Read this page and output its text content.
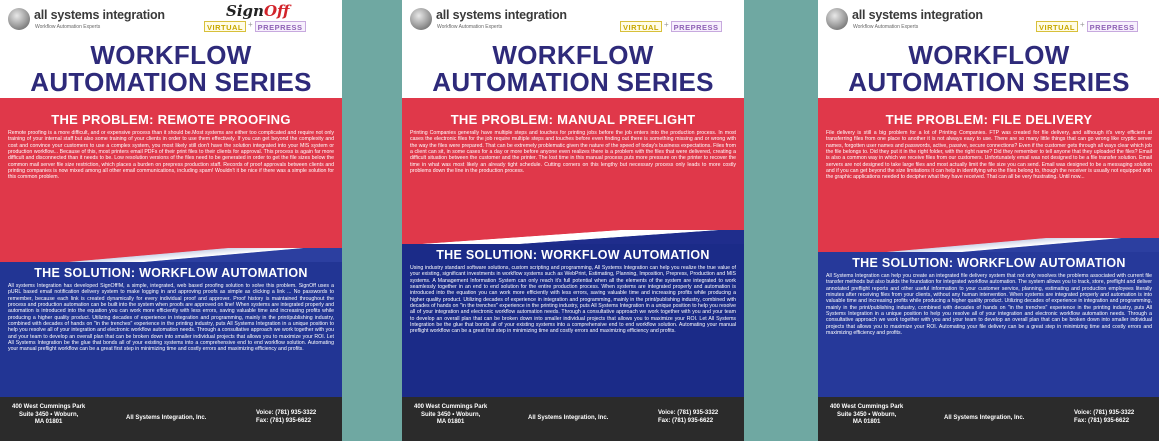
all systems integration
Workflow Automation Experts
SignOff
VIRTUAL + PREPRESS
WORKFLOW
AUTOMATION SERIES
THE PROBLEM: REMOTE PROOFING
Remote proofing is a more difficult, and or expensive process than it should be.Most systems are either too complicated and require not only training of your internal staff but also some training of your clients in order to use them effectively. If you can get beyond the complexity and cost and convince your customers to use a complex system, you most likely still don't have the solution integrated into your MIS system or production workflow... Because of this, most printers email PDFs of their print files to their clients for approval. This process is again far more difficult and disconnected than it needs to be. Low resolution versions of the files need to be generated in order to get the file sizes below the common mail server file size restriction, which places a burden on prepress production staff. Records of proof approvals between clients and printing companies is now mixed among all other email communications, including spam! Wouldn't it be nice if there was a simple solution for this common problem.
THE SOLUTION: WORKFLOW AUTOMATION
All systems Integration has developed SignOff!M, a simple, integrated, web based proofing solution to solve this problem. SignOff uses a pURL based email notification delivery system to make logging in and approving proofs as simple as clicking a link ... No passwords to remember, because each link is created dynamically for every individual proof and approver. Proof history is maintained throughout the process and production automation can be built into the system when proofs are approved on line! When systems are integrated properly and automation is introduced into the equation you can work more efficiently with less errors, saving valuable time and increasing profits while producing a higher quality product. Utilizing decades of experience in integration and programming, mainly in the print/publishing industry, combined with decades of hands on "in the trenches" experience in the printing industry, puts All Systems Integration in a unique position to help you resolve all of your integration and electronic workflow automation needs. Through a consultative approach we work together with you and your team to develop an overall plan that can be broken down into smaller individual projects that allows you to maximize your ROI. Let All Systems Integration be the glue that bonds all of your existing systems into a comprehensive end to end workflow solution. Automating your manual preflight workflow can be a great first step in minimizing time and costly errors and maximizing efficiency and profits.
400 West Cummings Park
Suite 3450 • Woburn,
MA 01801
All Systems Integration, Inc.
Voice: (781) 935-3322
Fax: (781) 935-6622
all systems integration
Workflow Automation Experts	VIRTUAL + PREPRESS
WORKFLOW
AUTOMATION SERIES
THE PROBLEM: MANUAL PREFLIGHT
Printing Companies generally have multiple steps and touches for printing jobs before the job enters into the production process. In most cases the electronic files for the job require multiple steps and touches before even finding out there is something missing and or wrong with the way the files were prepared. That can be extremely problematic given the nature of the speed of today's business expectations. Files from a client can sit, in some cases for a day or more before anyone even realizes there is a problem with the files that were delivered, creating a difficult situation between the customer and the printer. The lost time in this manual process puts more pressure on the printer to recover the time in what was most likely an already tight schedule. Cutting corners on this lengthy but necessary process only leads to more costly problems down the line in the production process.
THE SOLUTION: WORKFLOW AUTOMATION
Using industry standard software solutions, custom scripting and programming, All Systems Integration can help you realize the true value of your existing, significant investments in workflow systems such as WebPrint, Estimating, Planning, Imposition, Prepress, Production and MIS systems. A Management Information System can only reach it's full potential when all the elements of the system are integrated to work seamlessly together in an end to end solution for the entire production process. When systems are integrated properly and automation is introduced into the equation you can work more efficiently with less errors, saving valuable time and increasing profits while producing a higher quality product. Utilizing decades of experience in integration and programming, mainly in the print/publishing industry, combined with decades of hands on "in the trenches" experience in the printing industry, puts All Systems Integration in a unique position to help you resolve all of your integration and electronic workflow automation needs. Through a consultative approach we work together with you and your team to develop an overall plan that can be broken down into smaller individual projects that allows you to maximize your ROI. Let All Systems Integration be the glue that bonds all of your existing systems into a comprehensive end to end workflow solution. Automating your manual preflight workflow can be a great first step in minimizing time and costly errors and maximizing efficiency and profits.
400 West Cummings Park
Suite 3450 • Woburn,
MA 01801
All Systems Integration, Inc.
Voice: (781) 935-3322
Fax: (781) 935-6622
all systems integration
Workflow Automation Experts	VIRTUAL + PREPRESS
WORKFLOW
AUTOMATION SERIES
THE PROBLEM: FILE DELIVERY
File delivery is still a big problem for a lot of Printing Companies. FTP was created for file delivery, and although it's very efficient at transferring files from one place to another it is not always easy to use. There are so many little things that can go wrong like cryptic server names, forgotten user names and passwords, active, passive, secure connections? Even if the customer gets through all ways clear which job the file belongs to. Did they put it in the right folder, with the right name? Did they remember to tell anyone that they uploaded the files? Email is also a common way in which we receive files from our customers. Unfortunately email was not designed to be a file transfer solution. Email servers are not designed to take large files and most actually limit the file size you can send. Email was designed to be a messaging solution and if you can get beyond the size limitations it can help in identifying who the files belong to, though the receiver is usually not equipped with the graphic applications needed to decipher what they have received. That can all be very frustrating. Until now...
THE SOLUTION: WORKFLOW AUTOMATION
All Systems Integration can help you create an integrated file delivery system that not only resolves the problems associated with current file transfer methods but also builds the foundation for integrated workflow automation. The system allows you to track, store, preflight and deliver annotated preflight reports and other useful information to your customer service, planning, estimating and production employees literally minutes after receiving files from your clients, without any human intervention. When systems are integrated properly and automation is into valuable time and increasing profits while producing a higher quality product. Utilizing decades of experience in integration and programming, mainly in the print/publishing industry, combined with decades of hands on "in the trenches" experience in the printing industry, puts All Systems Integration in a unique position to help you resolve all of your integration and electronic workflow automation needs. Through a consultative approach we work together with you and your team to develop an overall plan that can be broken down into smaller individual projects that allows you to maximize your ROI. Automating your file delivery can be a great step in minimizing time and costly errors and maximizing efficiency and profits.
400 West Cummings Park
Suite 3450 • Woburn,
MA 01801
All Systems Integration, Inc.
Voice: (781) 935-3322
Fax: (781) 935-6622
